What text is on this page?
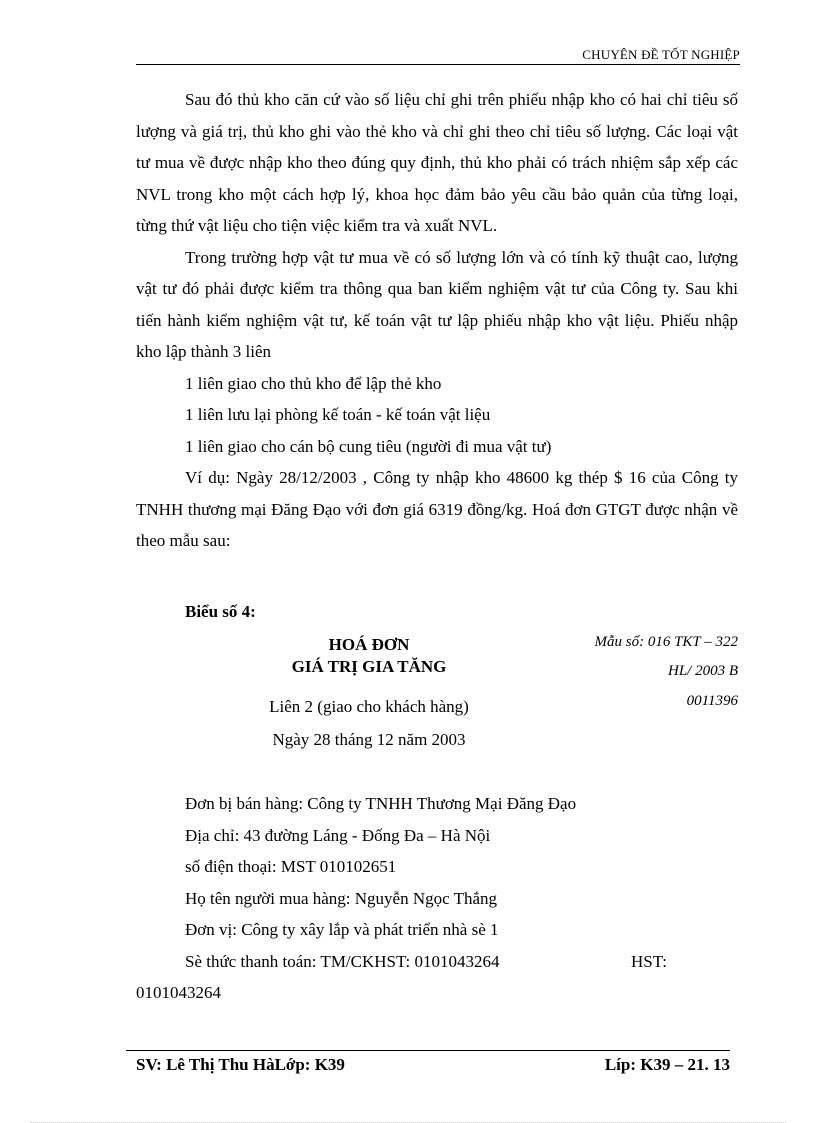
CHUYÊN ĐỀ TỐT NGHIỆP

Sau đó thủ kho căn cứ vào số liệu chỉ ghi trên phiếu nhập kho có hai chỉ tiêu số lượng và giá trị, thủ kho ghi vào thẻ kho và chỉ ghi theo chỉ tiêu số lượng. Các loại vật tư mua về được nhập kho theo đúng quy định, thủ kho phải có trách nhiệm sắp xếp các NVL trong kho một cách hợp lý, khoa học đảm bảo yêu cầu bảo quản của từng loại, từng thứ vật liệu cho tiện việc kiểm tra và xuất NVL.

Trong trường hợp vật tư mua về có số lượng lớn và có tính kỹ thuật cao, lượng vật tư đó phải được kiểm tra thông qua ban kiểm nghiệm vật tư của Công ty. Sau khi tiến hành kiểm nghiệm vật tư, kế toán vật tư lập phiếu nhập kho vật liệu. Phiếu nhập kho lập thành 3 liên

1 liên giao cho thủ kho để lập thẻ kho

1 liên lưu lại phòng kế toán - kế toán vật liệu

1 liên giao cho cán bộ cung tiêu (người đi mua vật tư)

Ví dụ: Ngày 28/12/2003 , Công ty nhập kho 48600 kg thép $ 16 của Công ty TNHH thương mại Đăng Đạo với đơn giá 6319 đồng/kg. Hoá đơn GTGT được nhận về theo mẫu sau:

Biểu số 4:
HOÁ ĐƠN
GIÁ TRỊ GIA TĂNG
Mẫu số: 016 TKT – 322
HL/ 2003 B
0011396
Liên 2 (giao cho khách hàng)
Ngày 28 tháng 12 năm 2003

Đơn bị bán hàng: Công ty TNHH Thương Mại Đăng Đạo

Địa chỉ: 43 đường Láng - Đống Đa – Hà Nội

số điện thoại: MST 010102651

Họ tên người mua hàng: Nguyễn Ngọc Thắng

Đơn vị: Công ty xây lắp và phát triển nhà sè 1

Sè thức thanh toán: TM/CKHST: 0101043264	HST:

0101043264

SV: Lê Thị Thu HàLớp: K39	Líp: K39 – 21. 13
